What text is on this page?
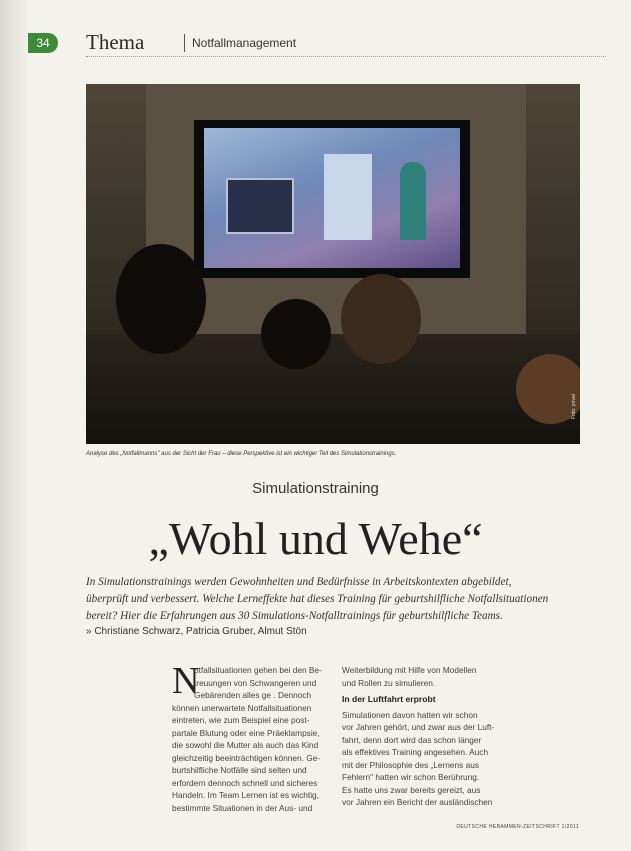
34	Thema	Notfallmanagement
Foto: privat
Analyse des „Notfallmanns" aus der Sicht der Frau – diese Perspektive ist ein wichtiger Teil des Simulationstrainings.
Simulationstraining
„Wohl und Wehe“

In Simulationstrainings werden Gewohnheiten und Bedürfnisse in Arbeitskontexten abgebildet,

überprüft und verbessert. Welche Lerneffekte hat dieses Training für geburtshilfliche Notfallsituationen

bereit? Hier die Erfahrungen aus 30 Simulations-Notfalltrainings für geburtshilfliche Teams.

» Christiane Schwarz, Patricia Gruber, Almut Stön
N

otfallsituationen gehen bei den Be-

treuungen von Schwangeren und

Gebärenden alles ge . Dennoch

können unerwartete Notfallsituationen

eintreten, wie zum Beispiel eine post-

partale Blutung oder eine Präeklampsie,

die sowohl die Mutter als auch das Kind

gleichzeitig beeinträchtigen können. Ge-

burtshilfliche Notfälle sind selten und

erfordern dennoch schnell und sicheres

Handeln. Im Team Lernen ist es wichtig,

bestimmte Situationen in der Aus- und

Weiterbildung mit Hilfe von Modellen

und Rollen zu simulieren.

In der Luftfahrt erprobt

Simulationen davon hatten wir schon

vor Jahren gehört, und zwar aus der Luft-

fahrt, denn dort wird das schon länger

als effektives Training angesehen. Auch

mit der Philosophie des „Lernens aus

Fehlern" hatten wir schon Berührung.

Es hatte uns zwar bereits gereizt, aus

vor Jahren ein Bericht der ausländischen

DEUTSCHE HEBAMMEN-ZEITSCHRIFT 1/2011
